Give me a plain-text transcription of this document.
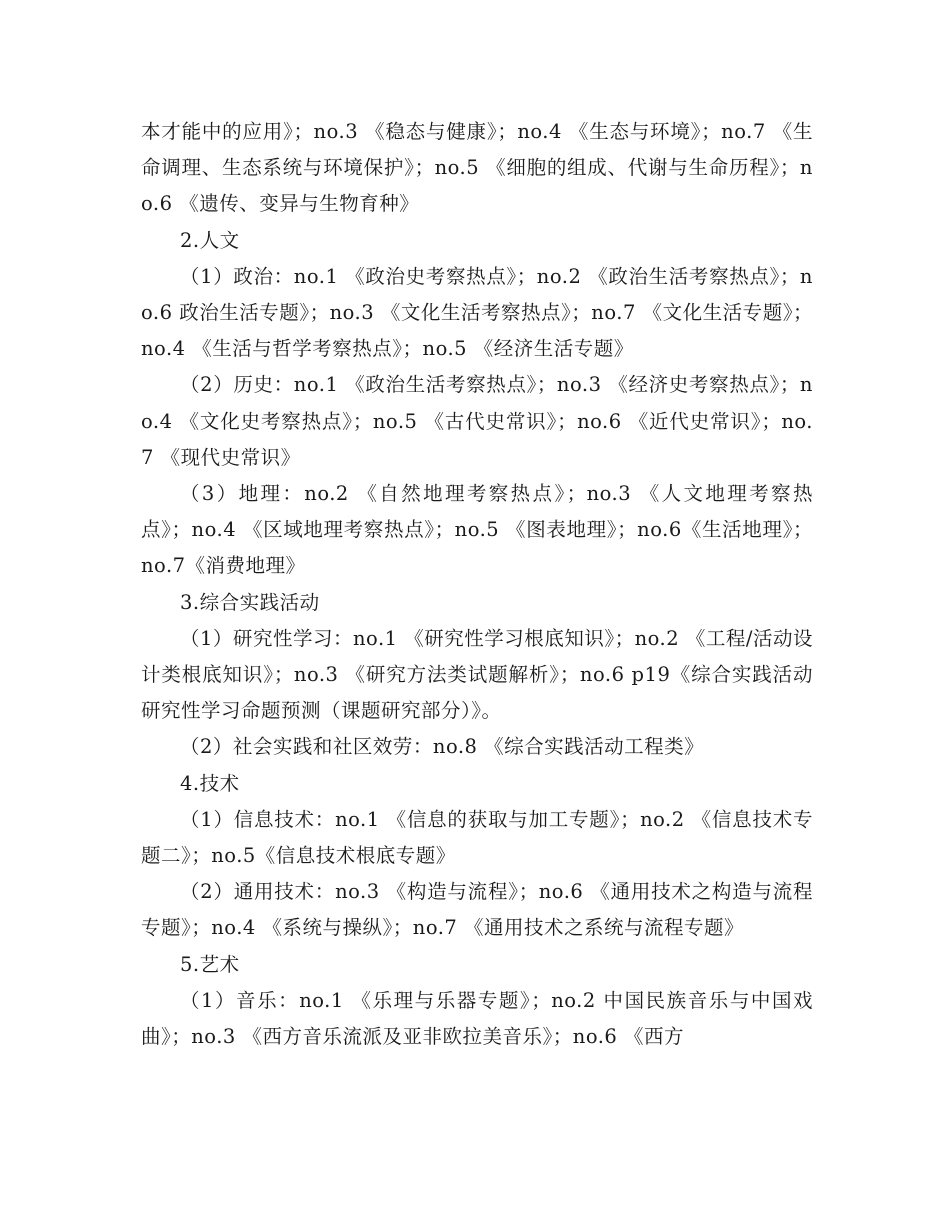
本才能中的应用》；no.3 《稳态与健康》；no.4 《生态与环境》；no.7 《生命调理、生态系统与环境保护》；no.5 《细胞的组成、代谢与生命历程》；no.6 《遗传、变异与生物育种》

2.人文

（1）政治：no.1 《政治史考察热点》；no.2 《政治生活考察热点》；no.6 政治生活专题》；no.3 《文化生活考察热点》；no.7 《文化生活专题》；no.4 《生活与哲学考察热点》；no.5 《经济生活专题》

（2）历史：no.1 《政治生活考察热点》；no.3 《经济史考察热点》；no.4 《文化史考察热点》；no.5 《古代史常识》；no.6 《近代史常识》；no.7 《现代史常识》

（3）地理：no.2 《自然地理考察热点》；no.3 《人文地理考察热点》；no.4 《区域地理考察热点》；no.5 《图表地理》；no.6《生活地理》；no.7《消费地理》

3.综合实践活动

（1）研究性学习：no.1 《研究性学习根底知识》；no.2 《工程/活动设计类根底知识》；no.3 《研究方法类试题解析》；no.6 p19《综合实践活动研究性学习命题预测（课题研究部分）》。

（2）社会实践和社区效劳：no.8 《综合实践活动工程类》

4.技术

（1）信息技术：no.1 《信息的获取与加工专题》；no.2 《信息技术专题二》；no.5《信息技术根底专题》

（2）通用技术：no.3 《构造与流程》；no.6 《通用技术之构造与流程专题》；no.4 《系统与操纵》；no.7 《通用技术之系统与流程专题》

5.艺术

（1）音乐：no.1 《乐理与乐器专题》；no.2 中国民族音乐与中国戏曲》；no.3 《西方音乐流派及亚非欧拉美音乐》；no.6 《西方
